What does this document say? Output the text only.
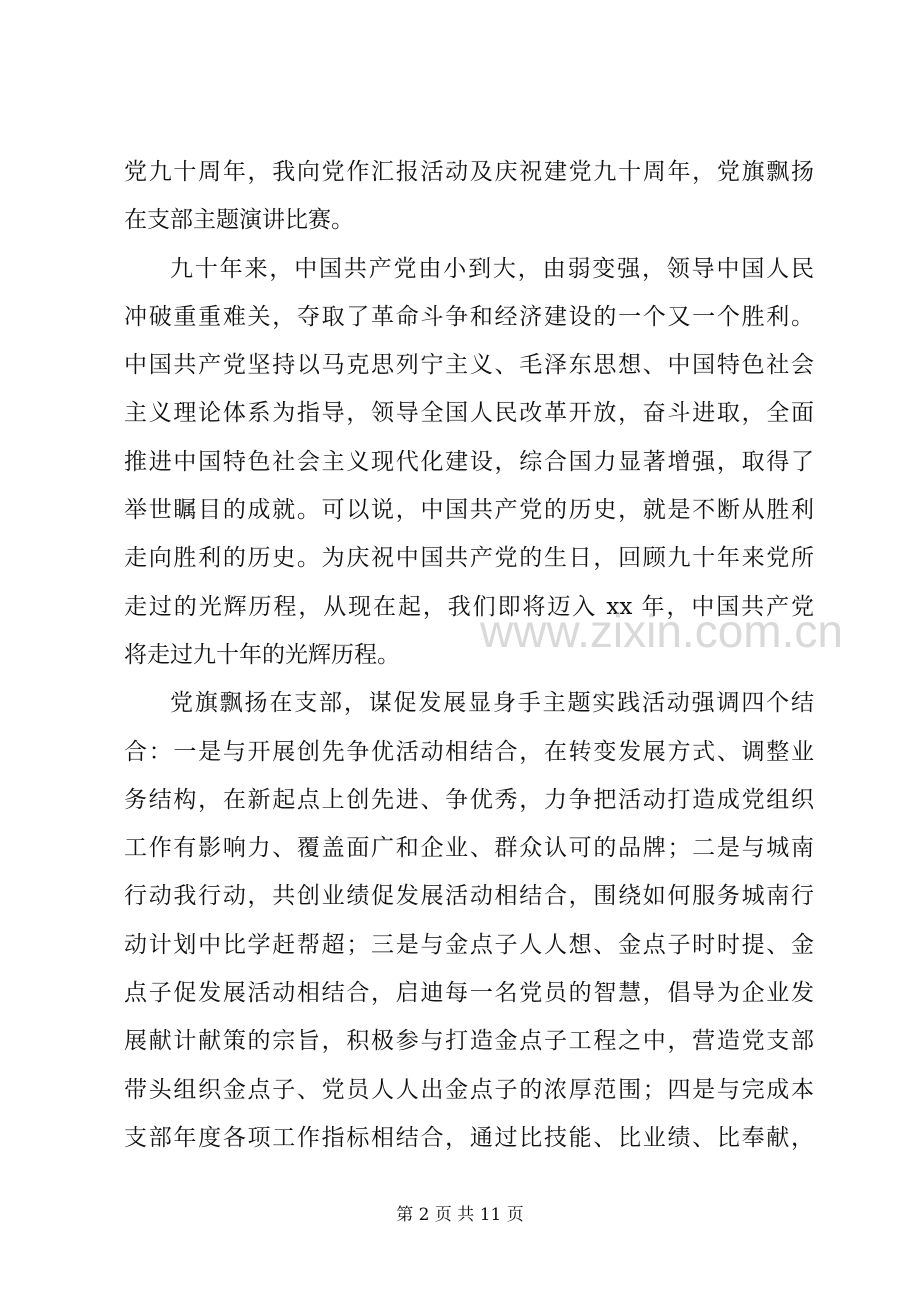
党九十周年，我向党作汇报活动及庆祝建党九十周年，党旗飘扬
在支部主题演讲比赛。
九十年来，中国共产党由小到大，由弱变强，领导中国人民
冲破重重难关，夺取了革命斗争和经济建设的一个又一个胜利。
中国共产党坚持以马克思列宁主义、毛泽东思想、中国特色社会
主义理论体系为指导，领导全国人民改革开放，奋斗进取，全面
推进中国特色社会主义现代化建设，综合国力显著增强，取得了
举世瞩目的成就。可以说，中国共产党的历史，就是不断从胜利
走向胜利的历史。为庆祝中国共产党的生日，回顾九十年来党所
走过的光辉历程，从现在起，我们即将迈入 xx 年，中国共产党
将走过九十年的光辉历程。
党旗飘扬在支部，谋促发展显身手主题实践活动强调四个结
合：一是与开展创先争优活动相结合，在转变发展方式、调整业
务结构，在新起点上创先进、争优秀，力争把活动打造成党组织
工作有影响力、覆盖面广和企业、群众认可的品牌；二是与城南
行动我行动，共创业绩促发展活动相结合，围绕如何服务城南行
动计划中比学赶帮超；三是与金点子人人想、金点子时时提、金
点子促发展活动相结合，启迪每一名党员的智慧，倡导为企业发
展献计献策的宗旨，积极参与打造金点子工程之中，营造党支部
带头组织金点子、党员人人出金点子的浓厚范围；四是与完成本
支部年度各项工作指标相结合，通过比技能、比业绩、比奉献，
www.zixin.com.cn
第 2 页 共 11 页
